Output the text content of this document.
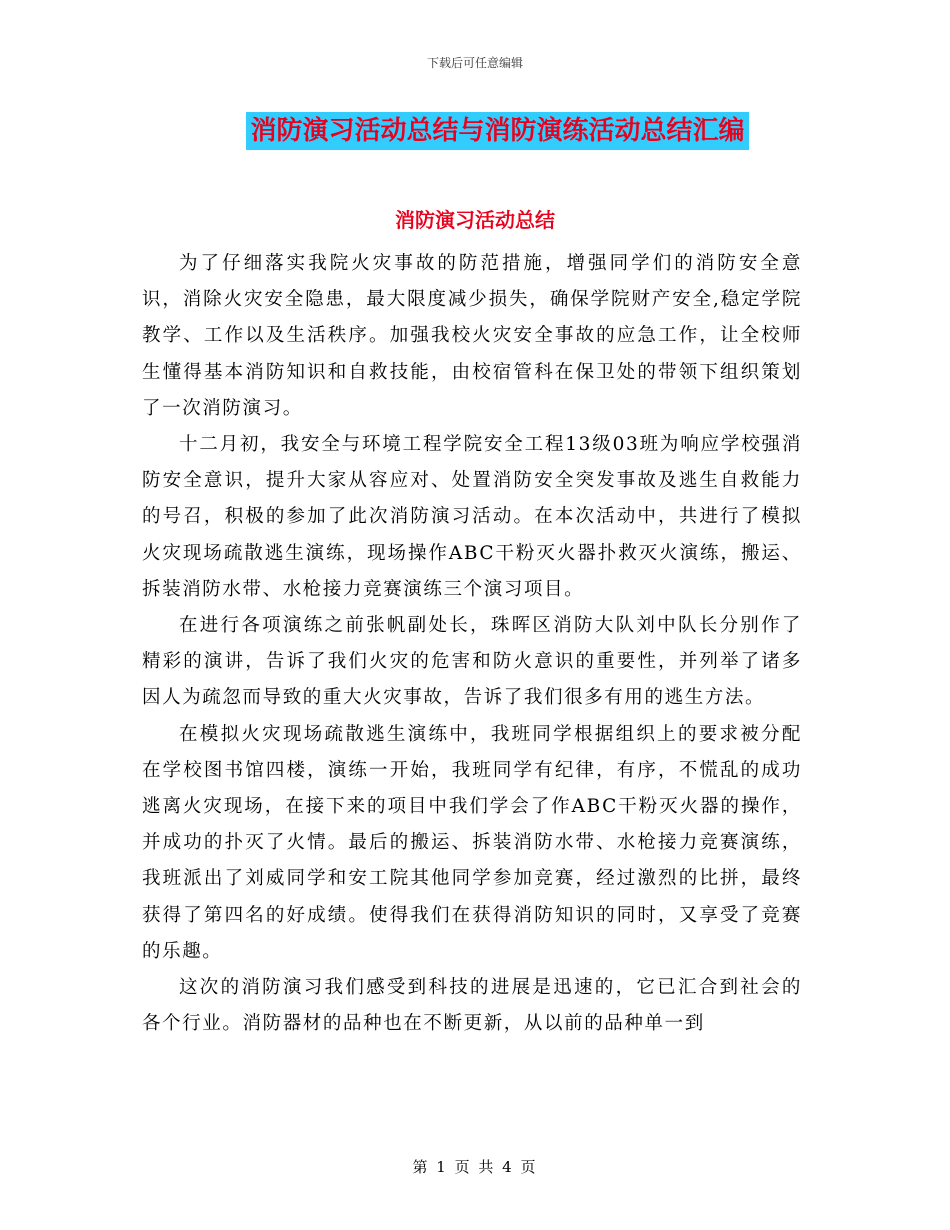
下载后可任意编辑
消防演习活动总结与消防演练活动总结汇编
消防演习活动总结

为了仔细落实我院火灾事故的防范措施，增强同学们的消防安全意识，消除火灾安全隐患，最大限度减少损失，确保学院财产安全,稳定学院教学、工作以及生活秩序。加强我校火灾安全事故的应急工作，让全校师生懂得基本消防知识和自救技能，由校宿管科在保卫处的带领下组织策划了一次消防演习。

十二月初，我安全与环境工程学院安全工程13级03班为响应学校强消防安全意识，提升大家从容应对、处置消防安全突发事故及逃生自救能力的号召，积极的参加了此次消防演习活动。在本次活动中，共进行了模拟火灾现场疏散逃生演练，现场操作ABC干粉灭火器扑救灭火演练，搬运、拆装消防水带、水枪接力竞赛演练三个演习项目。

在进行各项演练之前张帆副处长，珠晖区消防大队刘中队长分别作了精彩的演讲，告诉了我们火灾的危害和防火意识的重要性，并列举了诸多因人为疏忽而导致的重大火灾事故，告诉了我们很多有用的逃生方法。

在模拟火灾现场疏散逃生演练中，我班同学根据组织上的要求被分配在学校图书馆四楼，演练一开始，我班同学有纪律，有序，不慌乱的成功逃离火灾现场，在接下来的项目中我们学会了作ABC干粉灭火器的操作，并成功的扑灭了火情。最后的搬运、拆装消防水带、水枪接力竞赛演练，我班派出了刘威同学和安工院其他同学参加竞赛，经过激烈的比拼，最终获得了第四名的好成绩。使得我们在获得消防知识的同时，又享受了竞赛的乐趣。

这次的消防演习我们感受到科技的进展是迅速的，它已汇合到社会的各个行业。消防器材的品种也在不断更新，从以前的品种单一到

第 1 页 共 4 页
